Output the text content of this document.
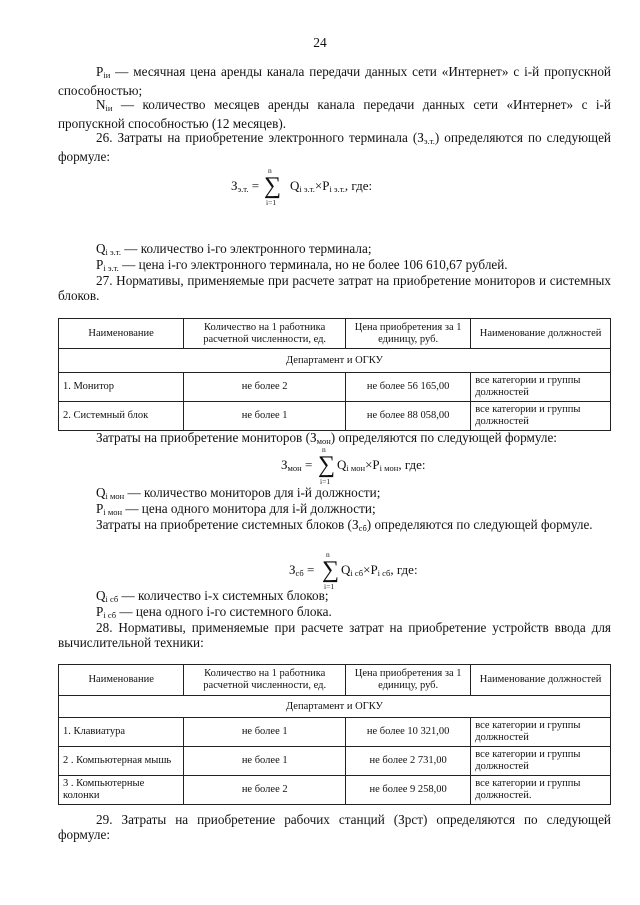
24
$P_{iи}$ — месячная цена аренды канала передачи данных сети «Интернет» с i-й пропускной способностью;
$N_{iи}$ — количество месяцев аренды канала передачи данных сети «Интернет» с i-й пропускной способностью (12 месяцев).
26. Затраты на приобретение электронного терминала $(З_{э.т.})$ определяются по следующей формуле:
$З_{э.т.}$ =
n
∑
i=1
$Q_{i э.т.}\times P_{i э.т.}$, где:
$Q_{i э.т.}$ — количество i-го электронного терминала;
$P_{i э.т.}$ — цена i-го электронного терминала, но не более 106 610,67 рублей.
27. Нормативы, применяемые при расчете затрат на приобретение мониторов и системных блоков.
Наименование	Количество на 1 работника расчетной численности, ед.	Цена приобретения за 1 единицу, руб.	Наименование должностей
Департамент и ОГКУ			
1. Монитор	не более 2	не более 56 165,00	все категории и группы должностей
2. Системный блок	не более 1	не более 88 058,00	все категории и группы должностей
Затраты на приобретение мониторов $(З_{мон})$ определяются по следующей формуле:
$З_{мон}$ =
n
∑
i=1
$Q_{i мон}\times P_{i мон}$, где:
$Q_{i мон}$ — количество мониторов для i-й должности;
$P_{i мон}$ — цена одного монитора для i-й должности;
Затраты на приобретение системных блоков $(З_{сб})$ определяются по следующей формуле.
$З_{сб}$ =
n
∑
i=1
$Q_{i сб}\times P_{i сб}$, где:
$Q_{i сб}$ — количество i-х системных блоков;
$P_{i сб}$ — цена одного i-го системного блока.
28. Нормативы, применяемые при расчете затрат на приобретение устройств ввода для вычислительной техники:
Наименование	Количество на 1 работника расчетной численности, ед.	Цена приобретения за 1 единицу, руб.	Наименование должностей
Департамент и ОГКУ			
1. Клавиатура	не более 1	не более 10 321,00	все категории и группы должностей
2 . Компьютерная мышь	не более 1	не более 2 731,00	все категории и группы должностей
3 . Компьютерные колонки	не более 2	не более 9 258,00	все категории и группы должностей.
29. Затраты на приобретение рабочих станций (Зрст) определяются по следующей формуле:
